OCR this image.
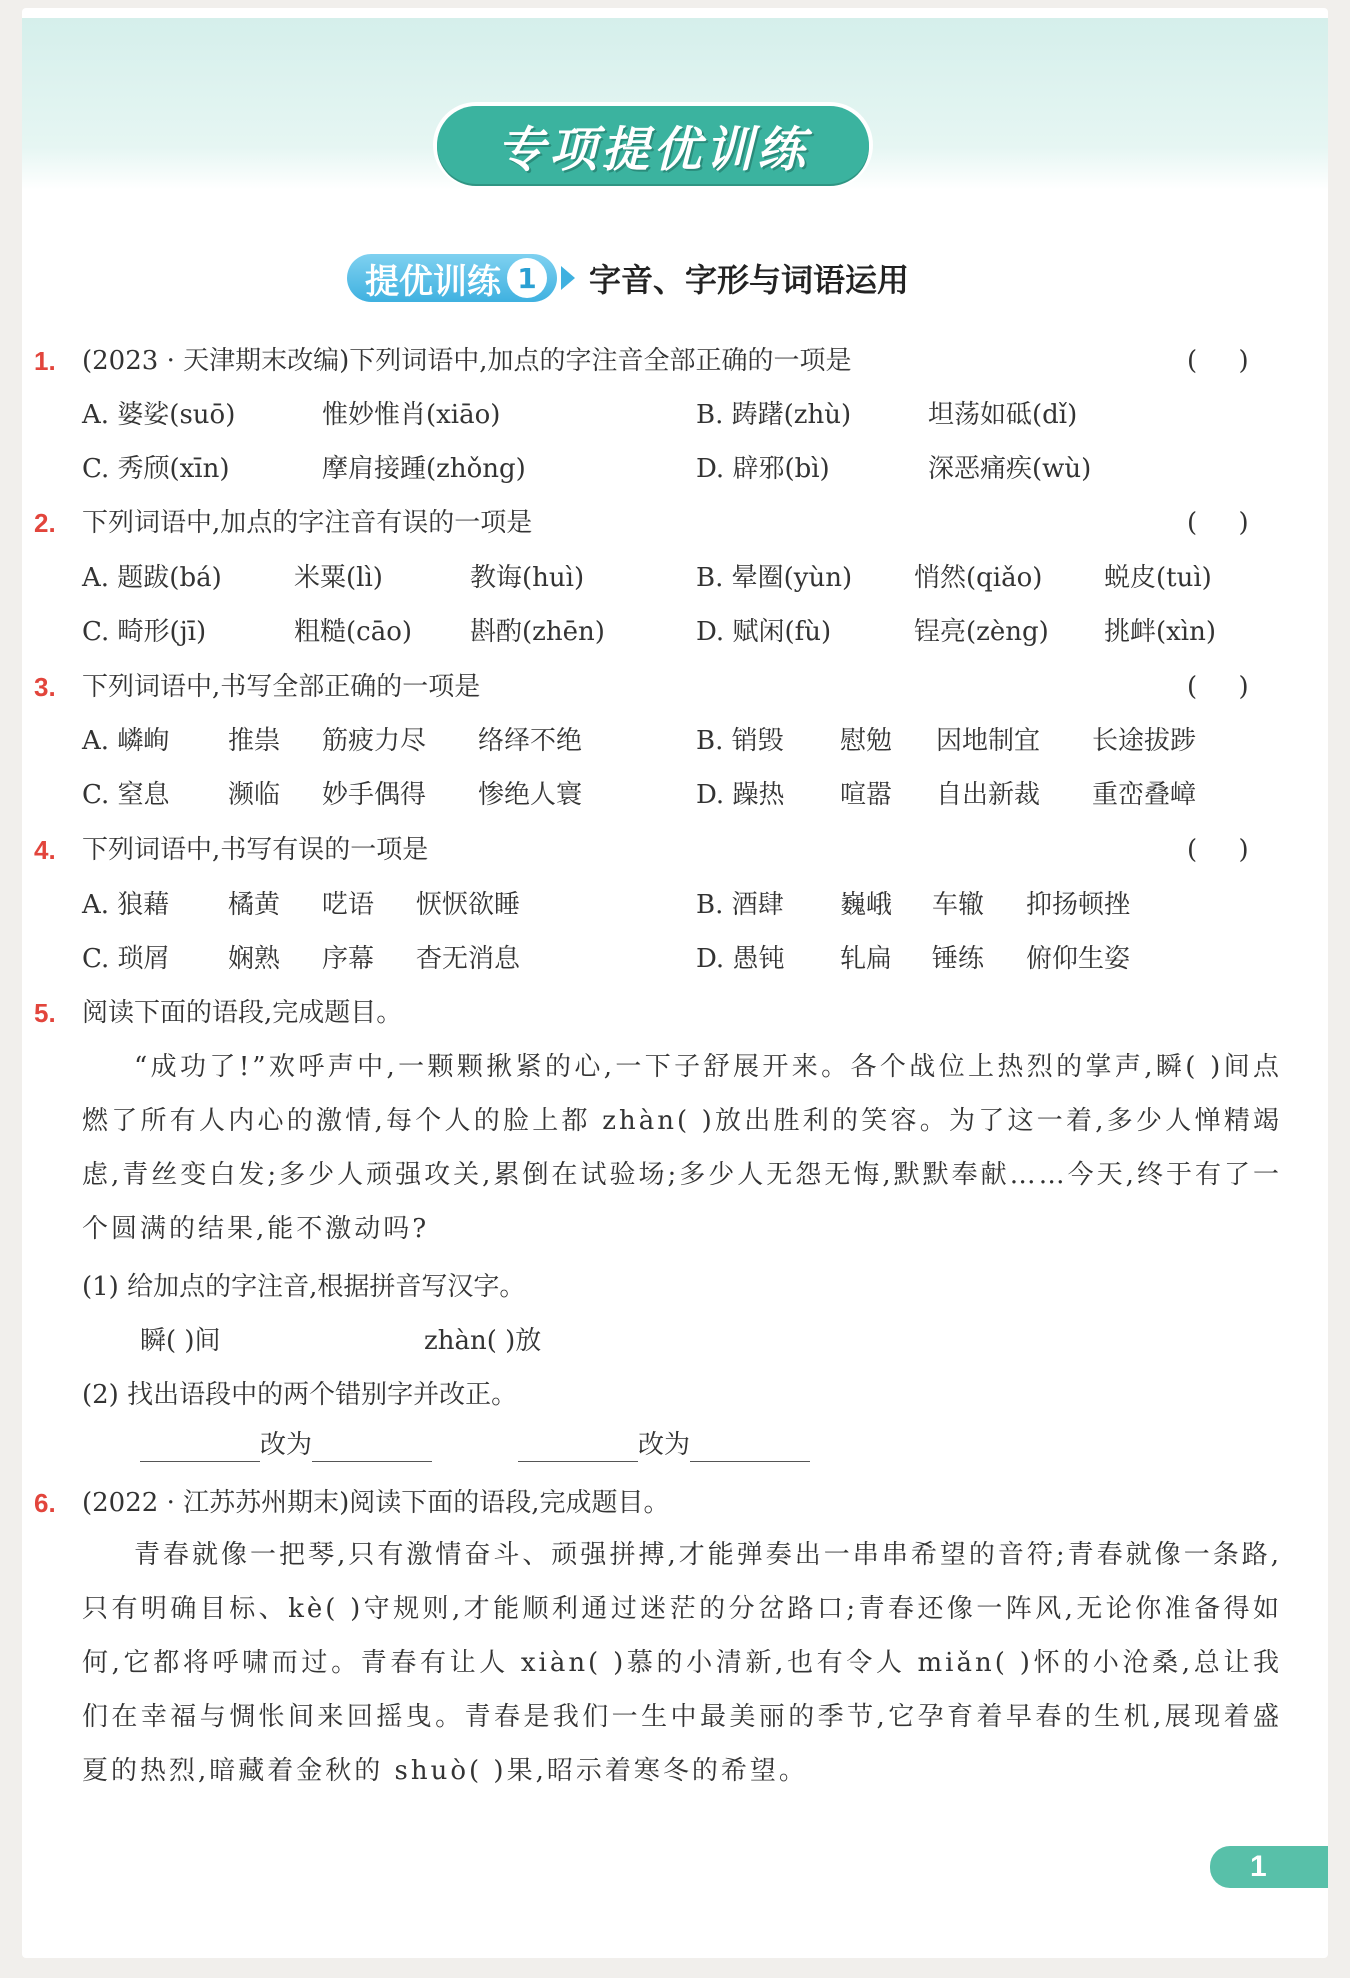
专项提优训练
提优训练 1	字音、字形与词语运用
1. (2023 · 天津期末改编)下列词语中,加点的字注音全部正确的一项是	(     )
A. 婆娑(suō)	惟妙惟肖(xiāo)	B. 踌躇(zhù)	坦荡如砥(dǐ)
C. 秀颀(xīn)	摩肩接踵(zhǒng)	D. 辟邪(bì)	深恶痛疾(wù)
2. 下列词语中,加点的字注音有误的一项是	(     )
A. 题跋(bá)	米粟(lì)	教诲(huì)	B. 晕圈(yùn) 悄然(qiǎo) 蜕皮(tuì)
C. 畸形(jī)	粗糙(cāo) 斟酌(zhēn)	D. 赋闲(fù)	锃亮(zèng) 挑衅(xìn)
3. 下列词语中,书写全部正确的一项是	(     )
A. 嶙峋 推祟 筋疲力尽 络绎不绝	B. 销毁 慰勉 因地制宜 长途拔踄
C. 窒息 濒临 妙手偶得 惨绝人寰	D. 躁热 喧嚣 自出新裁 重峦叠嶂
4. 下列词语中,书写有误的一项是	(     )
A. 狼藉 橘黄 呓语 恹恹欲睡	B. 酒肆 巍峨 车辙 抑扬顿挫
C. 琐屑 娴熟 序幕 杳无消息	D. 愚钝 轧扁 锤练 俯仰生姿
5. 阅读下面的语段,完成题目。
“成功了!”欢呼声中,一颗颗揪紧的心,一下子舒展开来。各个战位上热烈的掌声,瞬( )间点燃了所有人内心的激情,每个人的脸上都 zhàn( )放出胜利的笑容。为了这一着,多少人惮精竭虑,青丝变白发;多少人顽强攻关,累倒在试验场;多少人无怨无悔,默默奉献……今天,终于有了一个圆满的结果,能不激动吗?
(1) 给加点的字注音,根据拼音写汉字。
瞬( )间	zhàn( )放
(2) 找出语段中的两个错别字并改正。
改为	改为
6. (2022 · 江苏苏州期末)阅读下面的语段,完成题目。
青春就像一把琴,只有激情奋斗、顽强拼搏,才能弹奏出一串串希望的音符;青春就像一条路,只有明确目标、kè( )守规则,才能顺利通过迷茫的分岔路口;青春还像一阵风,无论你准备得如何,它都将呼啸而过。青春有让人 xiàn( )慕的小清新,也有令人 miǎn( )怀的小沧桑,总让我们在幸福与惆怅间来回摇曳。青春是我们一生中最美丽的季节,它孕育着早春的生机,展现着盛夏的热烈,暗藏着金秋的 shuò( )果,昭示着寒冬的希望。
1
